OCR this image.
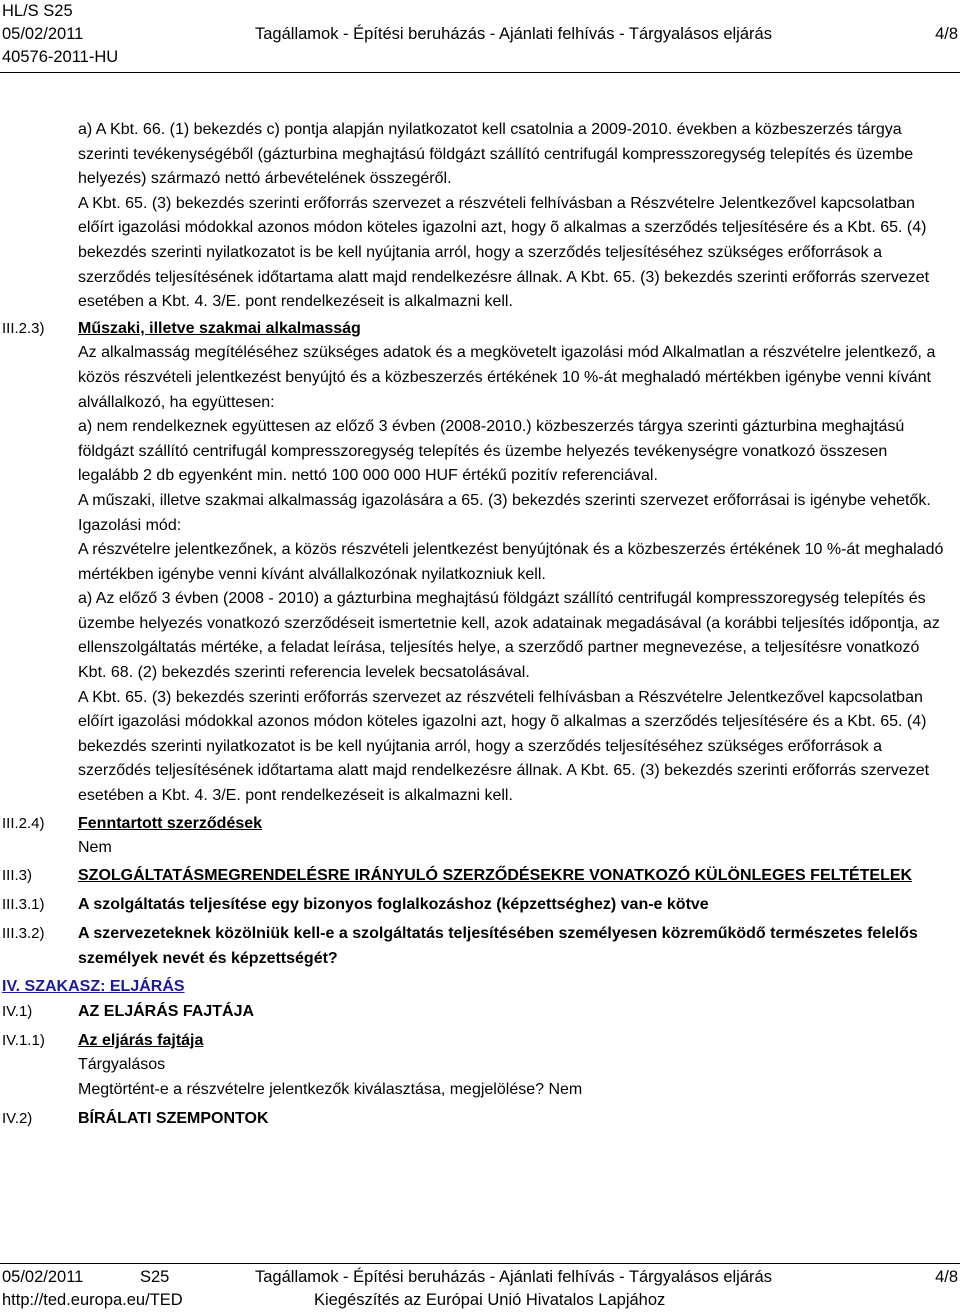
HL/S S25
05/02/2011	Tagállamok - Építési beruházás - Ajánlati felhívás - Tárgyalásos eljárás	4/8
40576-2011-HU

a) A Kbt. 66. (1) bekezdés c) pontja alapján nyilatkozatot kell csatolnia a 2009-2010. években a közbeszerzés tárgya szerinti tevékenységéből (gázturbina meghajtású földgázt szállító centrifugál kompresszoregység telepítés és üzembe helyezés) származó nettó árbevételének összegéről.

A Kbt. 65. (3) bekezdés szerinti erőforrás szervezet a részvételi felhívásban a Részvételre Jelentkezővel kapcsolatban előírt igazolási módokkal azonos módon köteles igazolni azt, hogy õ alkalmas a szerződés teljesítésére és a Kbt. 65. (4) bekezdés szerinti nyilatkozatot is be kell nyújtania arról, hogy a szerződés teljesítéséhez szükséges erőforrások a szerződés teljesítésének időtartama alatt majd rendelkezésre állnak. A Kbt. 65. (3) bekezdés szerinti erőforrás szervezet esetében a Kbt. 4. 3/E. pont rendelkezéseit is alkalmazni kell.

III.2.3) Műszaki, illetve szakmai alkalmasság

Az alkalmasság megítéléséhez szükséges adatok és a megkövetelt igazolási mód Alkalmatlan a részvételre jelentkező, a közös részvételi jelentkezést benyújtó és a közbeszerzés értékének 10 %-át meghaladó mértékben igénybe venni kívánt alvállalkozó, ha együttesen:

a) nem rendelkeznek együttesen az előző 3 évben (2008-2010.) közbeszerzés tárgya szerinti gázturbina meghajtású földgázt szállító centrifugál kompresszoregység telepítés és üzembe helyezés tevékenységre vonatkozó összesen legalább 2 db egyenként min. nettó 100 000 000 HUF értékű pozitív referenciával.

A műszaki, illetve szakmai alkalmasság igazolására a 65. (3) bekezdés szerinti szervezet erőforrásai is igénybe vehetők.

Igazolási mód:

A részvételre jelentkezőnek, a közös részvételi jelentkezést benyújtónak és a közbeszerzés értékének 10 %-át meghaladó mértékben igénybe venni kívánt alvállalkozónak nyilatkozniuk kell.

a) Az előző 3 évben (2008 - 2010) a gázturbina meghajtású földgázt szállító centrifugál kompresszoregység telepítés és üzembe helyezés vonatkozó szerződéseit ismertetnie kell, azok adatainak megadásával (a korábbi teljesítés időpontja, az ellenszolgáltatás mértéke, a feladat leírása, teljesítés helye, a szerződő partner megnevezése, a teljesítésre vonatkozó Kbt. 68. (2) bekezdés szerinti referencia levelek becsatolásával.

A Kbt. 65. (3) bekezdés szerinti erőforrás szervezet az részvételi felhívásban a Részvételre Jelentkezővel kapcsolatban előírt igazolási módokkal azonos módon köteles igazolni azt, hogy õ alkalmas a szerződés teljesítésére és a Kbt. 65. (4) bekezdés szerinti nyilatkozatot is be kell nyújtania arról, hogy a szerződés teljesítéséhez szükséges erőforrások a szerződés teljesítésének időtartama alatt majd rendelkezésre állnak. A Kbt. 65. (3) bekezdés szerinti erőforrás szervezet esetében a Kbt. 4. 3/E. pont rendelkezéseit is alkalmazni kell.

III.2.4) Fenntartott szerződések

Nem

III.3)	SZOLGÁLTATÁSMEGRENDELÉSRE IRÁNYULÓ SZERZŐDÉSEKRE VONATKOZÓ KÜLÖNLEGES FELTÉTELEK

III.3.1) A szolgáltatás teljesítése egy bizonyos foglalkozáshoz (képzettséghez) van-e kötve

III.3.2) A szervezeteknek közölniük kell-e a szolgáltatás teljesítésében személyesen közreműködő természetes felelős személyek nevét és képzettségét?

IV. SZAKASZ: ELJÁRÁS
IV.1)	AZ ELJÁRÁS FAJTÁJA

IV.1.1) Az eljárás fajtája

Tárgyalásos

Megtörtént-e a részvételre jelentkezők kiválasztása, megjelölése? Nem

IV.2)	BÍRÁLATI SZEMPONTOK

05/02/2011	S25	Tagállamok - Építési beruházás - Ajánlati felhívás - Tárgyalásos eljárás	4/8
http://ted.europa.eu/TED	Kiegészítés az Európai Unió Hivatalos Lapjához
